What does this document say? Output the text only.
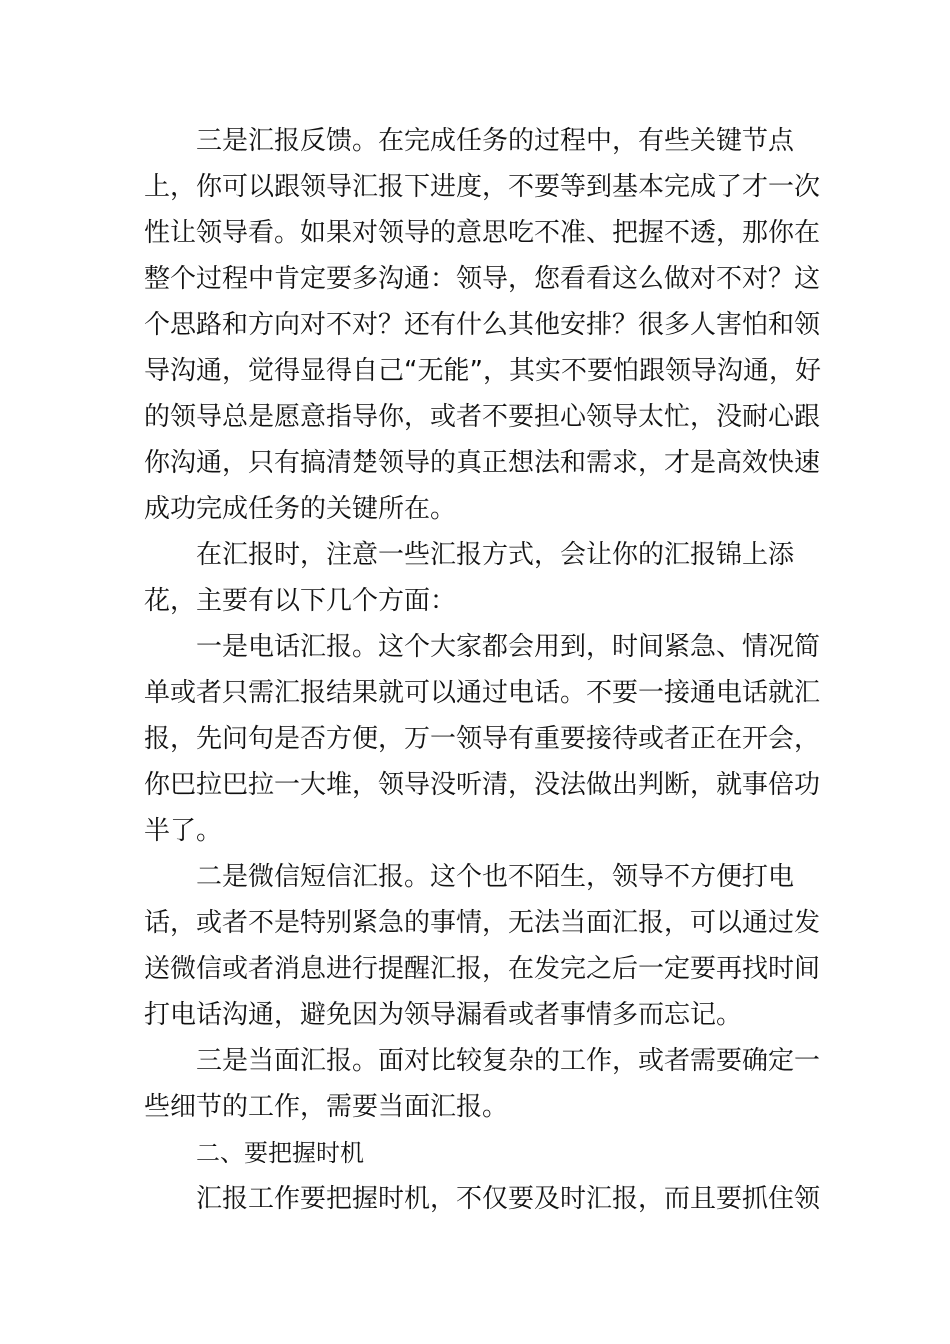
三是汇报反馈。在完成任务的过程中，有些关键节点上，你可以跟领导汇报下进度，不要等到基本完成了才一次性让领导看。如果对领导的意思吃不准、把握不透，那你在整个过程中肯定要多沟通：领导，您看看这么做对不对？这个思路和方向对不对？还有什么其他安排？很多人害怕和领导沟通，觉得显得自己“无能”，其实不要怕跟领导沟通，好的领导总是愿意指导你，或者不要担心领导太忙，没耐心跟你沟通，只有搞清楚领导的真正想法和需求，才是高效快速成功完成任务的关键所在。

在汇报时，注意一些汇报方式，会让你的汇报锦上添花，主要有以下几个方面：

一是电话汇报。这个大家都会用到，时间紧急、情况简单或者只需汇报结果就可以通过电话。不要一接通电话就汇报，先问句是否方便，万一领导有重要接待或者正在开会， 你巴拉巴拉一大堆，领导没听清，没法做出判断，就事倍功半了。

二是微信短信汇报。这个也不陌生，领导不方便打电话，或者不是特别紧急的事情，无法当面汇报，可以通过发送微信或者消息进行提醒汇报，在发完之后一定要再找时间打电话沟通，避免因为领导漏看或者事情多而忘记。

三是当面汇报。面对比较复杂的工作，或者需要确定一些细节的工作，需要当面汇报。

二、要把握时机

汇报工作要把握时机，不仅要及时汇报，而且要抓住领
